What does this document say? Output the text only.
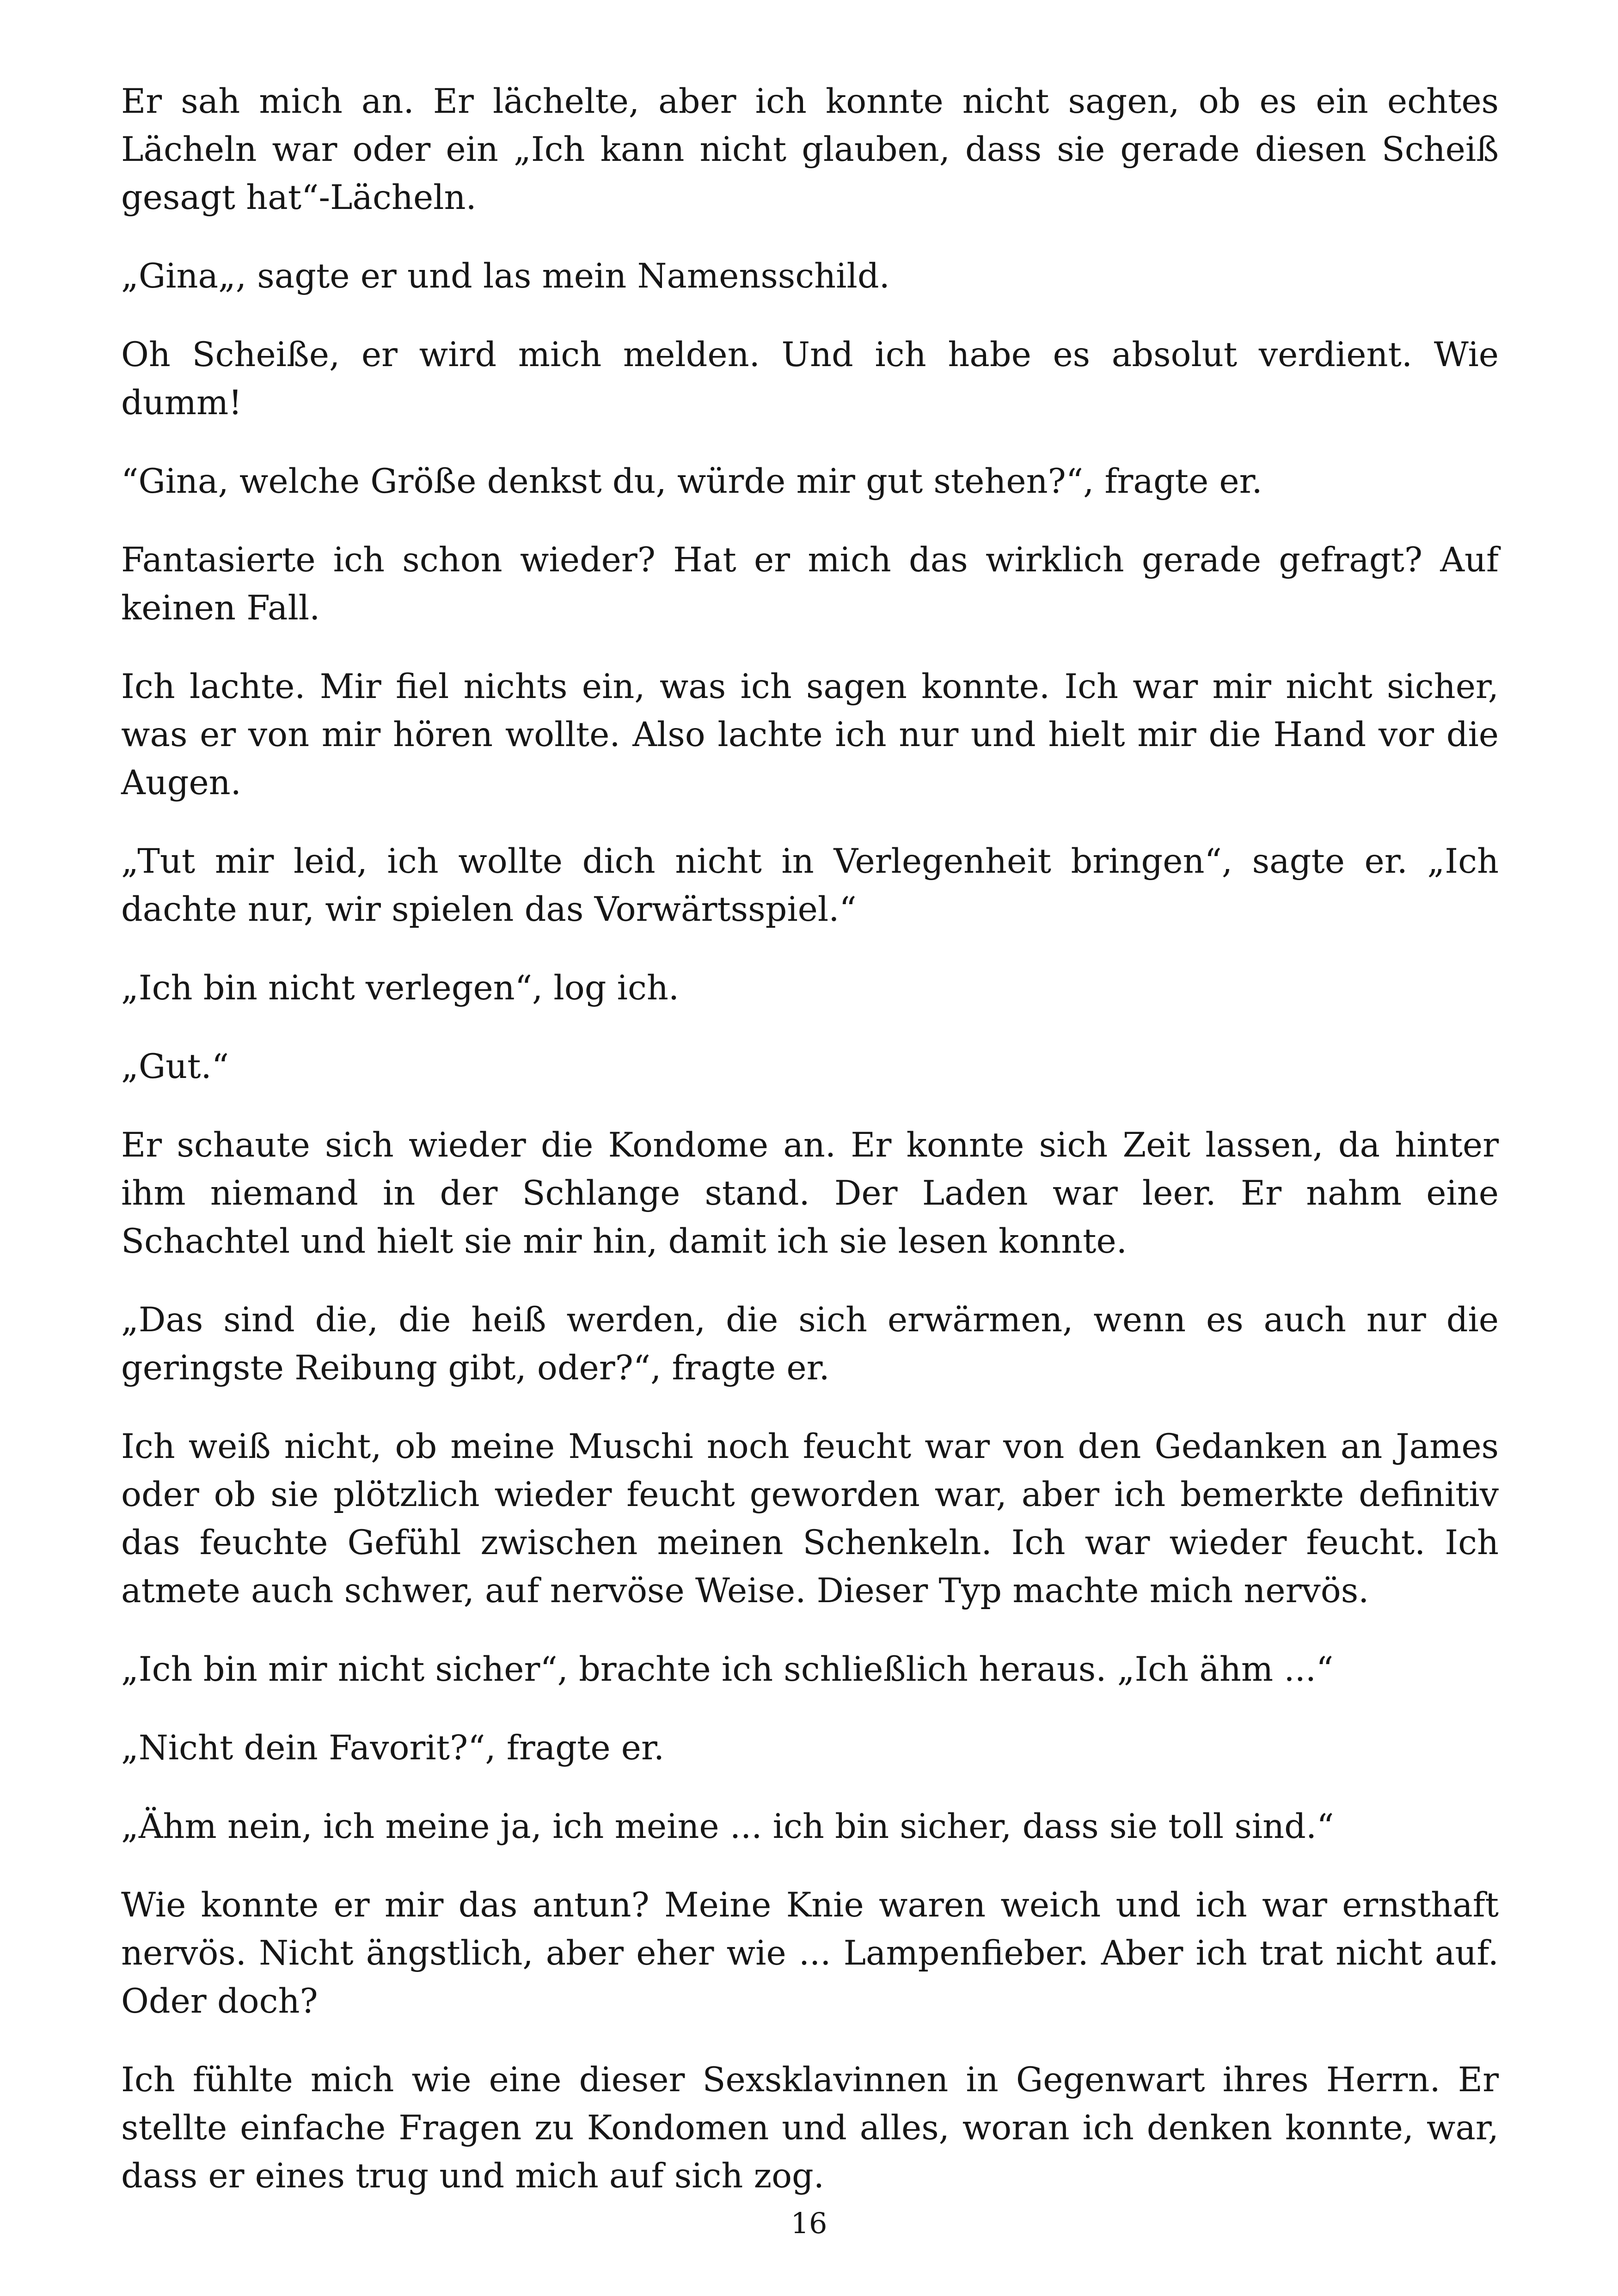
Er sah mich an. Er lächelte, aber ich konnte nicht sagen, ob es ein echtes Lächeln war oder ein „Ich kann nicht glauben, dass sie gerade diesen Scheiß gesagt hat“-Lächeln.

„Gina„, sagte er und las mein Namensschild.

Oh Scheiße, er wird mich melden. Und ich habe es absolut verdient. Wie dumm!

“Gina, welche Größe denkst du, würde mir gut stehen?“, fragte er.

Fantasierte ich schon wieder? Hat er mich das wirklich gerade gefragt? Auf keinen Fall.

Ich lachte. Mir fiel nichts ein, was ich sagen konnte. Ich war mir nicht sicher, was er von mir hören wollte. Also lachte ich nur und hielt mir die Hand vor die Augen.

„Tut mir leid, ich wollte dich nicht in Verlegenheit bringen“, sagte er. „Ich dachte nur, wir spielen das Vorwärtsspiel.“

„Ich bin nicht verlegen“, log ich.

„Gut.“

Er schaute sich wieder die Kondome an. Er konnte sich Zeit lassen, da hinter ihm niemand in der Schlange stand. Der Laden war leer. Er nahm eine Schachtel und hielt sie mir hin, damit ich sie lesen konnte.

„Das sind die, die heiß werden, die sich erwärmen, wenn es auch nur die geringste Reibung gibt, oder?“, fragte er.

Ich weiß nicht, ob meine Muschi noch feucht war von den Gedanken an James oder ob sie plötzlich wieder feucht geworden war, aber ich bemerkte definitiv das feuchte Gefühl zwischen meinen Schenkeln. Ich war wieder feucht. Ich atmete auch schwer, auf nervöse Weise. Dieser Typ machte mich nervös.

„Ich bin mir nicht sicher“, brachte ich schließlich heraus. „Ich ähm ...“

„Nicht dein Favorit?“, fragte er.

„Ähm nein, ich meine ja, ich meine ... ich bin sicher, dass sie toll sind.“

Wie konnte er mir das antun? Meine Knie waren weich und ich war ernsthaft nervös. Nicht ängstlich, aber eher wie ... Lampenfieber. Aber ich trat nicht auf. Oder doch?

Ich fühlte mich wie eine dieser Sexsklavinnen in Gegenwart ihres Herrn. Er stellte einfache Fragen zu Kondomen und alles, woran ich denken konnte, war, dass er eines trug und mich auf sich zog.

16
